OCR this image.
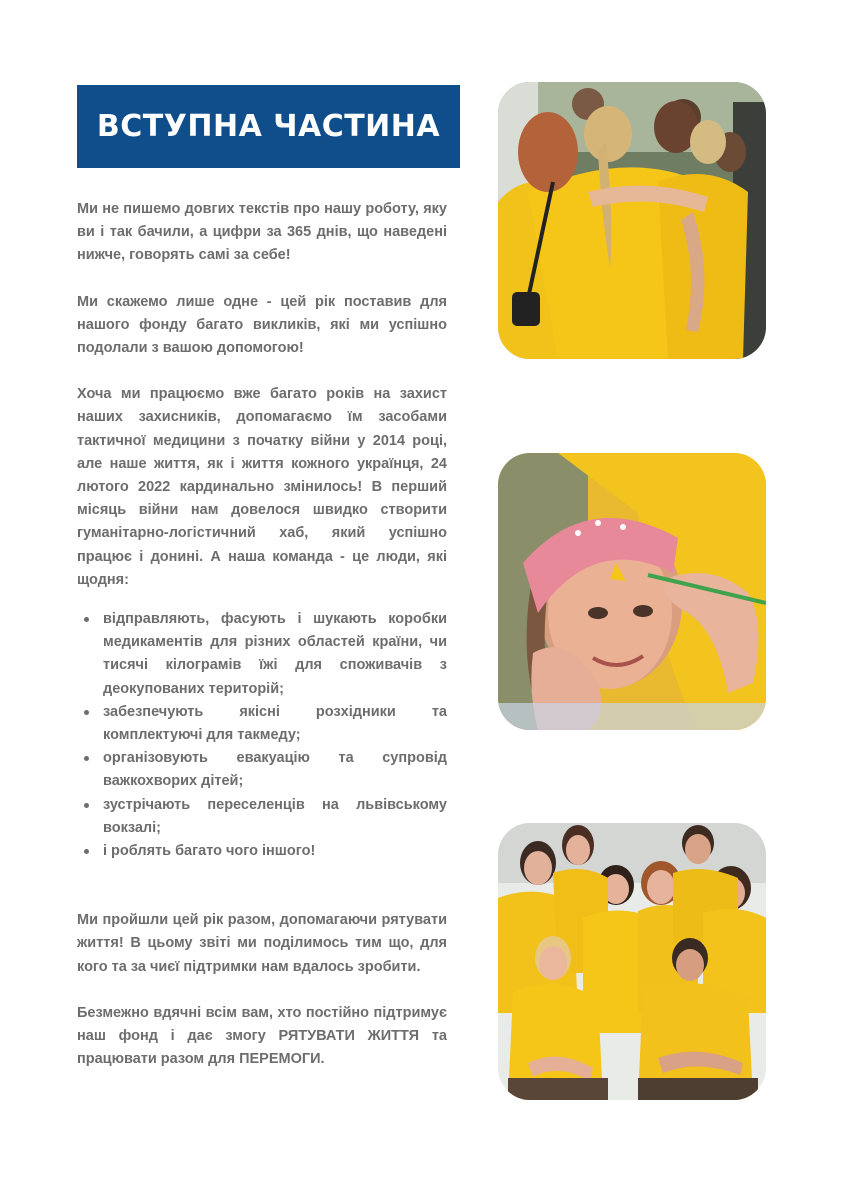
ВСТУПНА ЧАСТИНА

Ми не пишемо довгих текстів про нашу роботу, яку ви і так бачили, а цифри за 365 днів, що наведені нижче, говорять самі за себе!

Ми скажемо лише одне - цей рік поставив для нашого фонду багато викликів, які ми успішно подолали з вашою допомогою!

Хоча ми працюємо вже багато років на захист наших захисників, допомагаємо їм засобами тактичної медицини з початку війни у 2014 році, але наше життя, як і життя кожного українця, 24 лютого 2022 кардинально змінилось! В перший місяць війни нам довелося швидко створити гуманітарно-логістичний хаб, який успішно працює і донині. А наша команда - це люди, які щодня:

відправляють, фасують і шукають коробки медикаментів для різних областей країни, чи тисячі кілограмів їжі для споживачів з деокупованих територій;
забезпечують якісні розхідники та комплектуючі для такмеду;
організовують евакуацію та супровід важкохворих дітей;
зустрічають переселенців на львівському вокзалі;
і роблять багато чого іншого!

Ми пройшли цей рік разом, допомагаючи рятувати життя! В цьому звіті ми поділимось тим що, для кого та за чиєї підтримки нам вдалось зробити.

Безмежно вдячні всім вам, хто постійно підтримує наш фонд і дає змогу РЯТУВАТИ ЖИТТЯ та працювати разом для ПЕРЕМОГИ.
